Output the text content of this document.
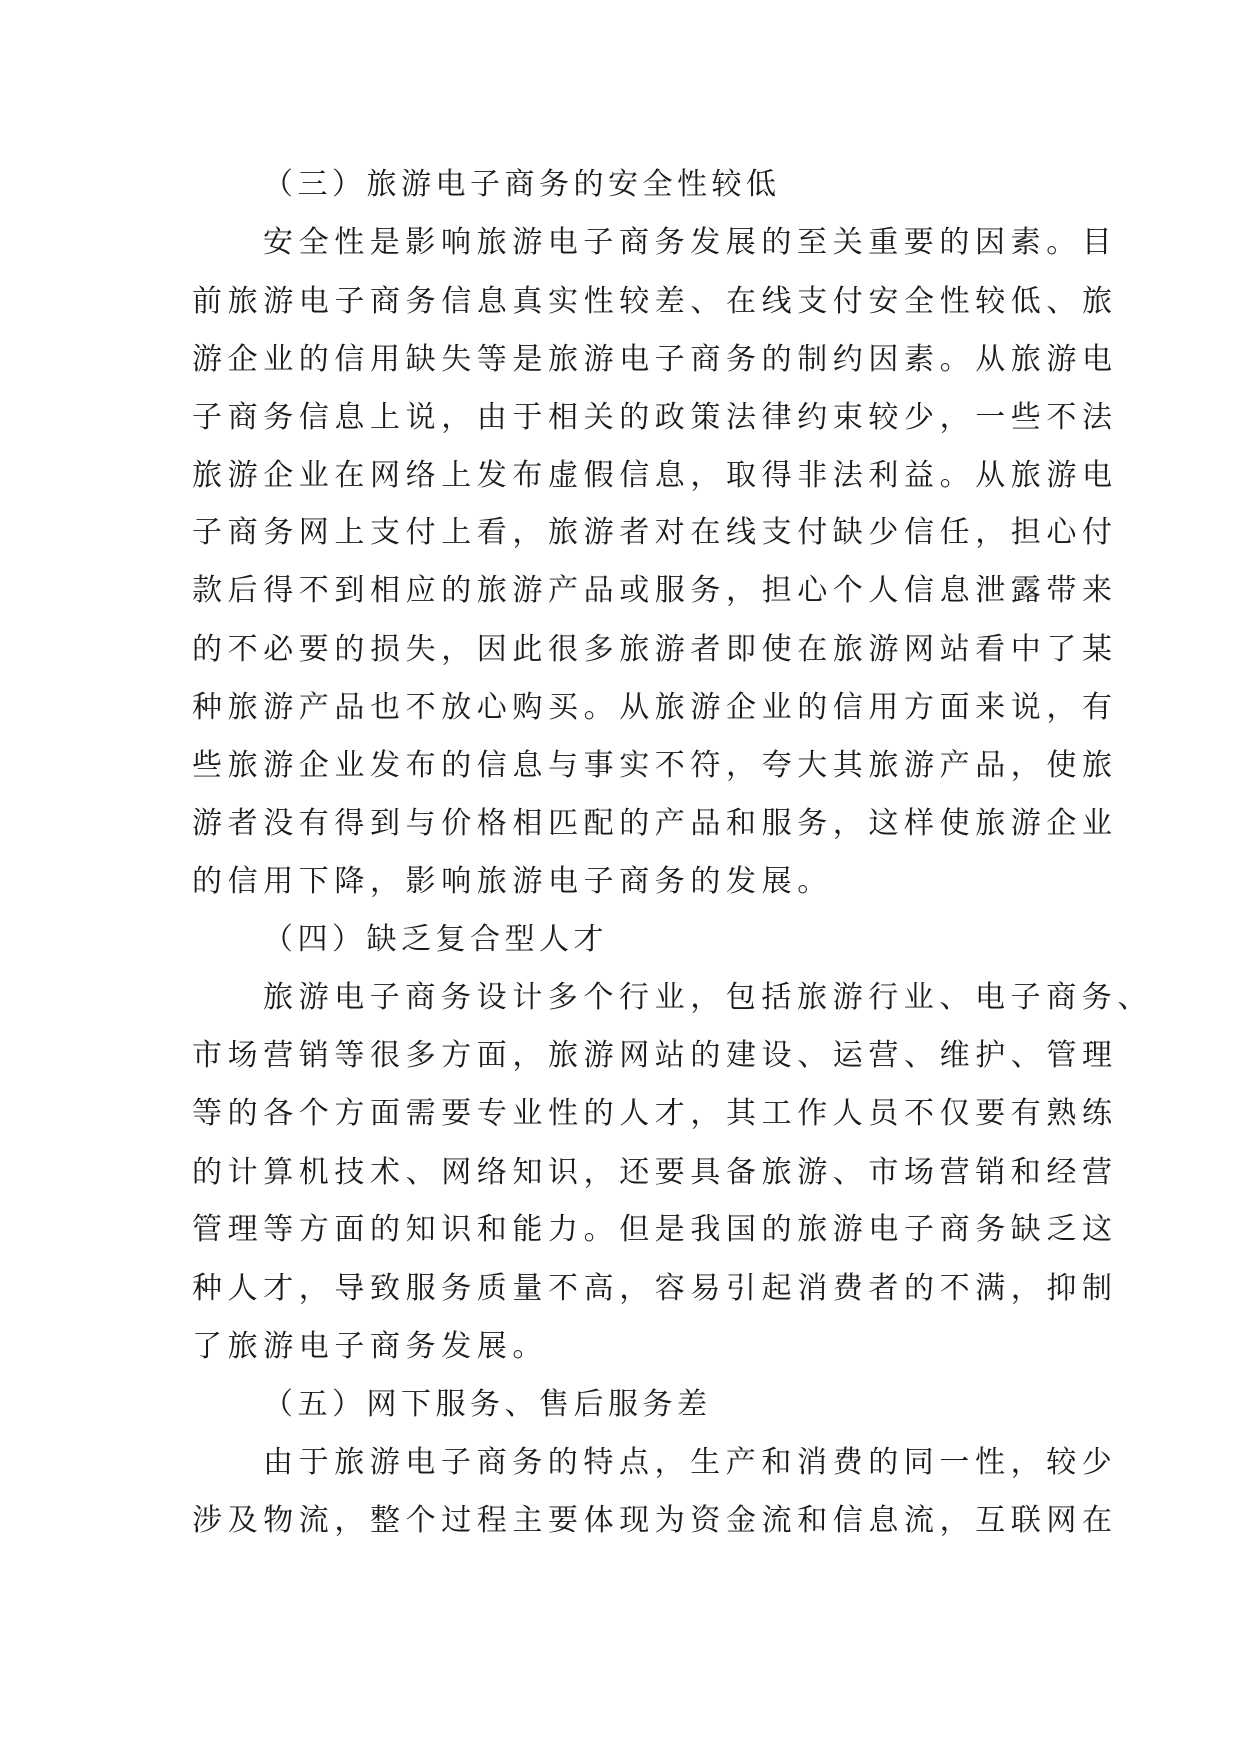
（三）旅游电子商务的安全性较低

安全性是影响旅游电子商务发展的至关重要的因素。目

前旅游电子商务信息真实性较差、在线支付安全性较低、旅

游企业的信用缺失等是旅游电子商务的制约因素。从旅游电

子商务信息上说，由于相关的政策法律约束较少，一些不法

旅游企业在网络上发布虚假信息，取得非法利益。从旅游电

子商务网上支付上看，旅游者对在线支付缺少信任，担心付

款后得不到相应的旅游产品或服务，担心个人信息泄露带来

的不必要的损失，因此很多旅游者即使在旅游网站看中了某

种旅游产品也不放心购买。从旅游企业的信用方面来说，有

些旅游企业发布的信息与事实不符，夸大其旅游产品，使旅

游者没有得到与价格相匹配的产品和服务，这样使旅游企业

的信用下降，影响旅游电子商务的发展。

（四）缺乏复合型人才

旅游电子商务设计多个行业，包括旅游行业、电子商务、

市场营销等很多方面，旅游网站的建设、运营、维护、管理

等的各个方面需要专业性的人才，其工作人员不仅要有熟练

的计算机技术、网络知识，还要具备旅游、市场营销和经营

管理等方面的知识和能力。但是我国的旅游电子商务缺乏这

种人才，导致服务质量不高，容易引起消费者的不满，抑制

了旅游电子商务发展。

（五）网下服务、售后服务差

由于旅游电子商务的特点，生产和消费的同一性，较少

涉及物流，整个过程主要体现为资金流和信息流，互联网在
